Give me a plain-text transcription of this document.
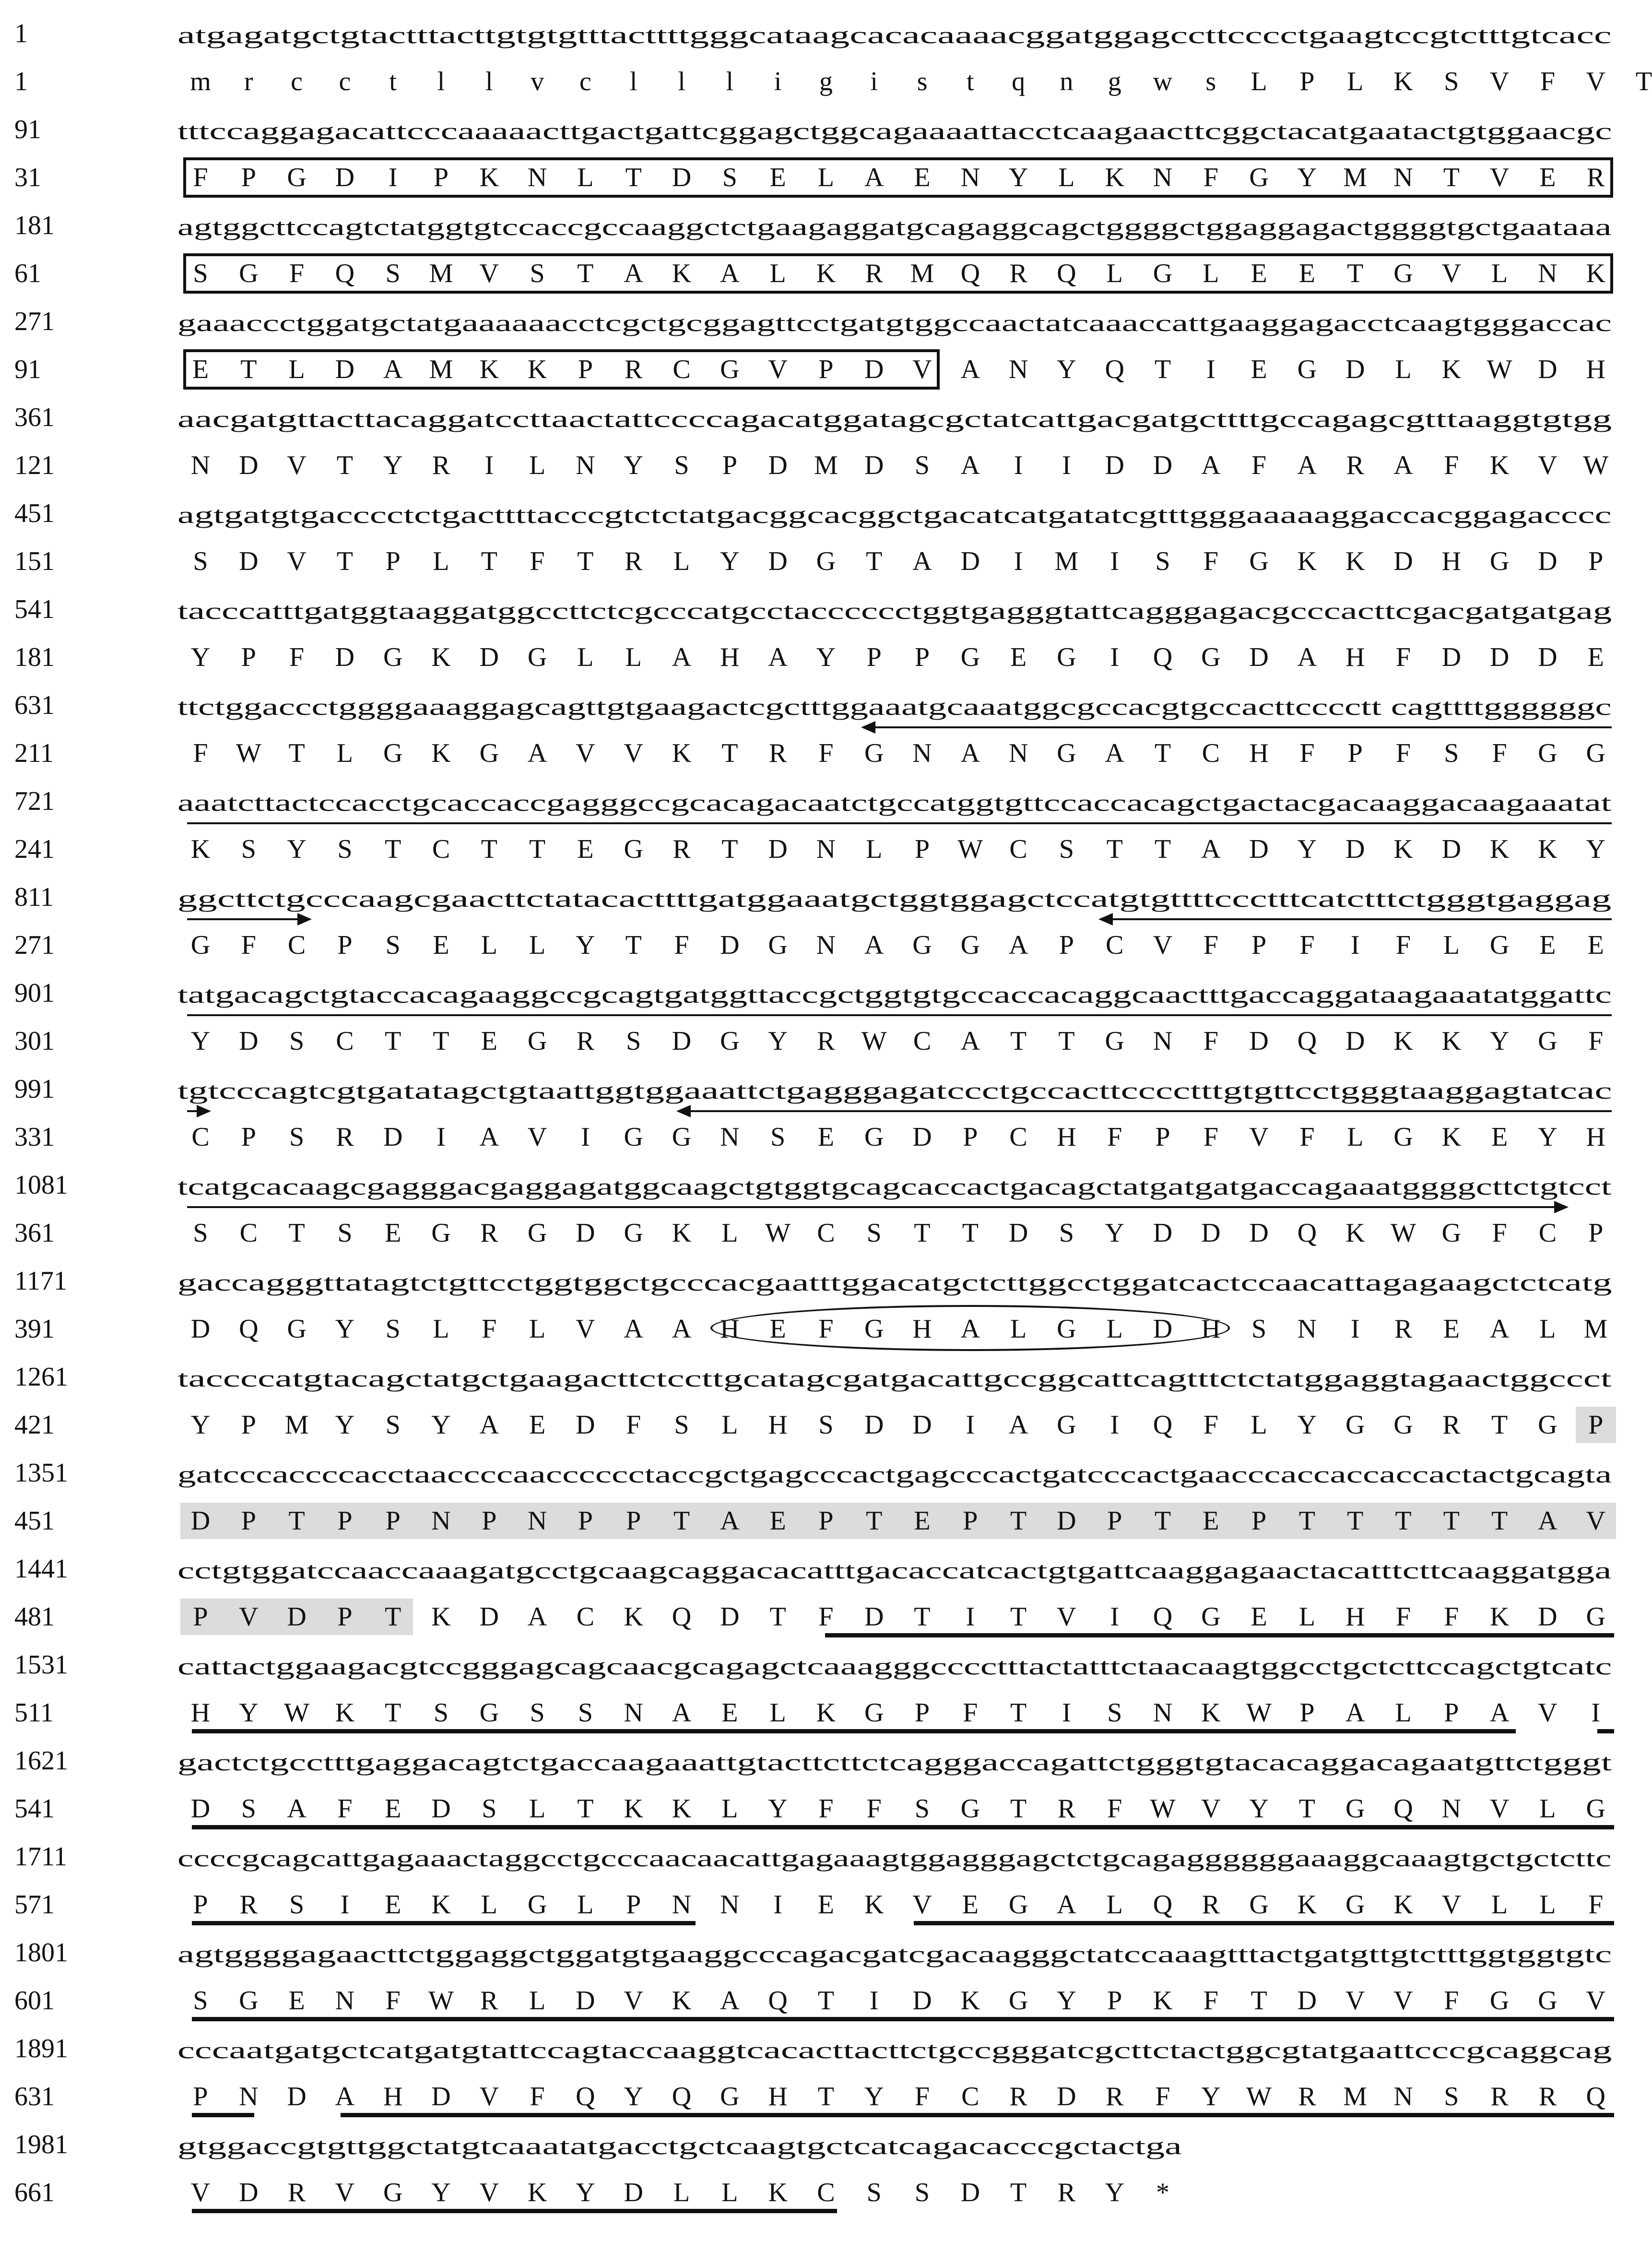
1	atgagatgctgtactttacttgtgtgtttacttttgggcataagcacacaaaacggatggagccttcccctgaagtccgtctttgtcacc
1	m	r	c	c	t	l	l	v	c	l	l	l	i	g	i	s	t	q	n	g	w	s	L	P	L	K	S	V	F	V	T
91	tttccaggagacattcccaaaaacttgactgattcggagctggcagaaaattacctcaagaacttcggctacatgaatactgtggaacgc
31	F	P	G	D	I	P	K	N	L	T	D	S	E	L	A	E	N	Y	L	K	N	F	G	Y M N	T	V	E	R
181	agtggcttccagtctatggtgtccaccgccaaggctctgaagaggatgcagaggcagctggggctggaggagactggggtgctgaataaa
61	S	G	F	Q	S	M V	S	T	A	K	A	L	K	R	M Q	R	Q	L	G	L	E	E	T	G	V	L	N	K
271	gaaaccctggatgctatgaaaaaacctcgctgcggagttcctgatgtggccaactatcaaaccattgaaggagacctcaagtgggaccac
91	E	T	L	D	A M K	K	P	R	C	G	V	P	D	V	A	N	Y	Q	T	I	E	G	D	L	K W D	H
361	aacgatgttacttacaggatccttaactattccccagacatggatagcgctatcattgacgatgcttttgccagagcgtttaaggtgtgg
121	N	D	V	T	Y	R	I	L	N	Y	S	P	D M D	S	A	I	I	D	D	A	F	A	R	A	F	K	V W
451	agtgatgtgacccctctgacttttacccgtctctatgacggcacggctgacatcatgatatcgtttgggaaaaaggaccacggagacccc
151	S	D	V	T	P	L	T	F	T	R	L	Y	D	G	T	A	D	I	M	I	S	F	G	K	K	D	H	G	D	P
541	tacccatttgatggtaaggatggccttctcgcccatgcctacccccctggtgagggtattcagggagacgcccacttcgacgatgatgag
181	Y	P	F	D	G	K	D	G	L	L	A	H	A	Y	P	P	G	E	G	I	Q	G	D	A	H	F	D	D	D	E
631	ttctggaccctggggaaaggagcagttgtgaagactcgctttggaaatgcaaatggcgccacgtgccacttcccctt cagttttggggggc
211	F	W	T	L	G	K	G	A	V	V	K	T	R	F	G	N	A	N	G	A	T	C	H	F	P	F	S	F	G	G
721	aaatcttactccacctgcaccaccgagggccgcacagacaatctgccatggtgttccaccacagctgactacgacaaggacaagaaatat
241	K	S	Y	S	T	C	T	T	E	G	R	T	D	N	L	P	W C	S	T	T	A	D	Y	D	K	D	K	K	Y
811	ggcttctgcccaagcgaacttctatacacttttgatggaaatgctggtggagctccatgtgttttccctttcatctttctgggtgaggag
271	G	F	C	P	S	E	L	L	Y	T	F	D	G	N	A	G	G	A	P	C	V	F	P	F	I	F	L	G	E	E
901	tatgacagctgtaccacagaaggccgcagtgatggttaccgctggtgtgccaccacaggcaactttgaccaggataagaaatatggattc
301	Y	D	S	C	T	T	E	G	R	S	D	G	Y	R W C	A	T	T	G	N	F	D	Q	D	K	K	Y	G	F
991	tgtcccagtcgtgatatagctgtaattggtggaaattctgagggagatccctgccacttcccctttgtgttcctgggtaaggagtatcac
331	C	P	S	R	D	I	A	V	I	G	G	N	S	E	G	D	P	C	H	F	P	F	V	F	L	G	K	E	Y	H
1081	tcatgcacaagcgagggacgaggagatggcaagctgtggtgcagcaccactgacagctatgatgatgaccagaaatggggcttctgtcct
361	S	C	T	S	E	G	R	G	D	G	K	L	W C	S	T	T	D	S	Y	D	D	D	Q	K W G	F	C	P
1171	gaccagggttatagtctgttcctggtggctgcccacgaatttggacatgctcttggcctggatcactccaacattagagaagctctcatg
391	D	Q	G	Y	S	L	F	L	V	A	A	H	E	F	G	H	A	L	G	L	D	H	S	N	I	R	E	A	L	M
1261	taccccatgtacagctatgctgaagacttctccttgcatagcgatgacattgccggcattcagtttctctatggaggtagaactggccct
421	Y	P	M Y	S	Y	A	E	D	F	S	L	H	S	D	D	I	A	G	I	Q	F	L	Y	G	G	R	T	G	P
1351	gatcccaccccacctaaccccaacccccctaccgctgagcccactgagcccactgatcccactgaacccaccaccaccactactgcagta
451	D	P	T	P	P	N	P	N	P	P	T	A	E	P	T	E	P	T	D	P	T	E	P	T	T	T	T	T	A	V
1441	cctgtggatccaaccaaagatgcctgcaagcaggacacatttgacaccatcactgtgattcaaggagaactacatttcttcaaggatgga
481	P	V	D	P	T	K	D	A	C	K	Q	D	T	F	D	T	I	T	V	I	Q	G	E	L	H	F	F	K	D	G
1531	cattactggaagacgtccgggagcagcaacgcagagctcaaagggcccctttactatttctaacaagtggcctgctcttccagctgtcatc
511	H	Y W K	T	S	G	S	S	N	A	E	L	K	G	P	F	T	I	S	N	K W	P	A	L	P	A	V	I
1621	gactctgcctttgaggacagtctgaccaagaaattgtacttcttctcagggaccagattctgggtgtacacaggacagaatgttctgggt
541	D	S	A	F	E	D	S	L	T	K	K	L	Y	F	F	S	G	T	R	F	W V	Y	T	G	Q	N	V	L	G
1711	ccccgcagcattgagaaactaggcctgcccaacaacattgagaaagtggagggagctctgcagaggggggaaaggcaaagtgctgctcttc
571	P	R	S	I	E	K	L	G	L	P	N	N	I	E	K	V	E	G	A	L	Q	R	G	K	G	K	V	L	L	F
1801	agtggggagaacttctggaggctggatgtgaaggcccagacgatcgacaagggctatccaaagtttactgatgttgtctttggtggtgtc
601	S	G	E	N	F	W R	L	D	V	K	A	Q	T	I	D	K	G	Y	P	K	F	T	D	V	V	F	G	G	V
1891	cccaatgatgctcatgatgtattccagtaccaaggtcacacttacttctgccgggatcgcttctactggcgtatgaattcccgcaggcag
631	P	N	D	A	H	D	V	F	Q	Y	Q	G	H	T	Y	F	C	R	D	R	F	Y W R	M N	S	R	R	Q
1981	gtggaccgtgttggctatgtcaaatatgacctgctcaagtgctcatcagacacccgctactga
661	V	D	R	V	G	Y	V	K	Y	D	L	L	K	C	S	S	D	T	R	Y	*
